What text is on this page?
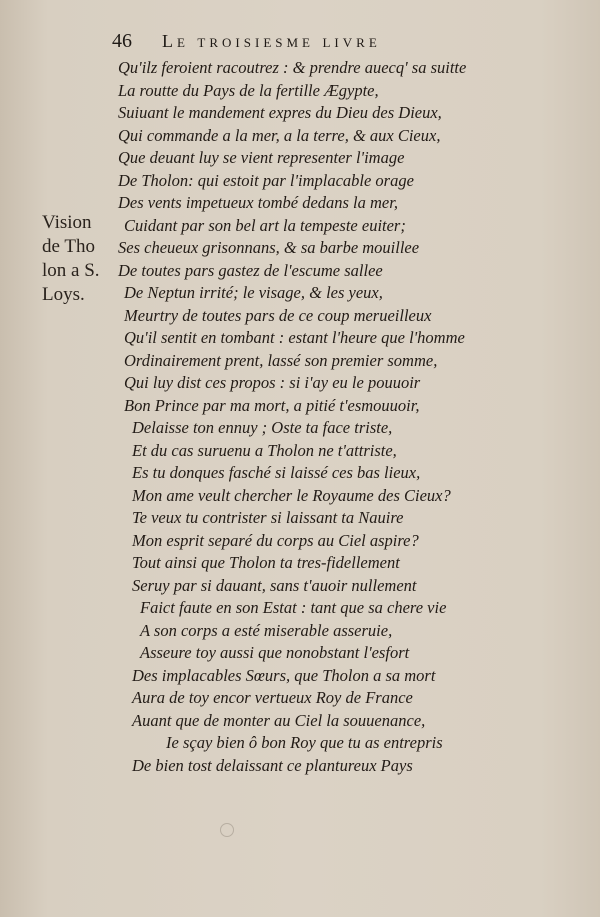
46 Le troisiesme livre
Vision
de Tho
lon a S.
Loys.
Qu'ilz feroient racoutrez : & prendre auecq' sa suitte
La routte du Pays de la fertille Ægypte,
Suiuant le mandement expres du Dieu des Dieux,
Qui commande a la mer, a la terre, & aux Cieux,
Que deuant luy se vient representer l'image
De Tholon: qui estoit par l'implacable orage
Des vents impetueux tombé dedans la mer,
Cuidant par son bel art la tempeste euiter;
Ses cheueux grisonnans, & sa barbe mouillee
De toutes pars gastez de l'escume sallee
De Neptun irrité; le visage, & les yeux,
Meurtry de toutes pars de ce coup merueilleux
Qu'il sentit en tombant : estant l'heure que l'homme
Ordinairement prent, lassé son premier somme,
Qui luy dist ces propos : si i'ay eu le pouuoir
Bon Prince par ma mort, a pitié t'esmouuoir,
Delaisse ton ennuy ; Oste ta face triste,
Et du cas suruenu a Tholon ne t'attriste,
Es tu donques fasché si laissé ces bas lieux,
Mon ame veult chercher le Royaume des Cieux?
Te veux tu contrister si laissant ta Nauire
Mon esprit separé du corps au Ciel aspire?
Tout ainsi que Tholon ta tres-fidellement
Seruy par si dauant, sans t'auoir nullement
Faict faute en son Estat : tant que sa chere vie
A son corps a esté miserable asseruie,
Asseure toy aussi que nonobstant l'esfort
Des implacables Sœurs, que Tholon a sa mort
Aura de toy encor vertueux Roy de France
Auant que de monter au Ciel la souuenance,
Ie sçay bien ô bon Roy que tu as entrepris
De bien tost delaissant ce plantureux Pays
